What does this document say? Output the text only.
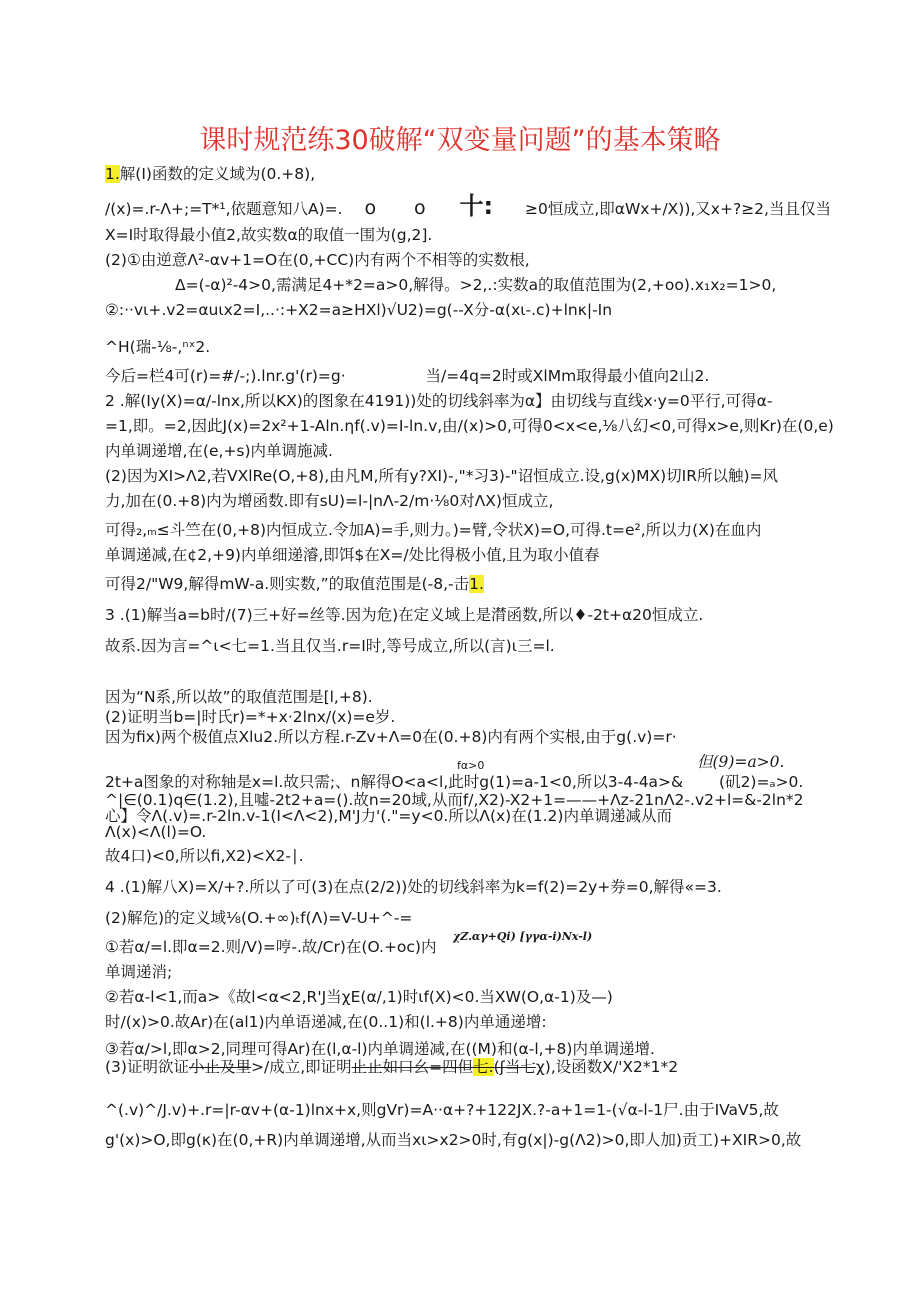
课时规范练30破解“双变量问题”的基本策略
1.解(I)函数的定义域为(0.+8),
/(x)=.r-Λ+;=T*¹,依题意知八A)=. o o 十: ≥0恒成立,即αWx+/X)),又x+?≥2,当且仅当
X=I时取得最小值2,故实数α的取值一围为(g,2].
(2)①由逆意Λ²-αv+1=O在(0,+CC)内有两个不相等的实数根,
Δ=(-α)²-4>0,需满足4+*2=a>0,解得。>2,.:实数a的取值范围为(2,+oo).x₁x₂=1>0,
②:··vι+.v2=αuιx2=I,..·:+X2=a≥HXl)√U2)=g(--X分-α(xι-.c)+lnκ|-In
^H(瑞-⅛-,ⁿˣ2.
今后=栏4可(r)=#/-;).lnr.g'(r)=g·	当/=4q=2时或XlMm取得最小值向2山2.
2 .解(Iy(X)=α/-lnx,所以KX)的图象在4191))处的切线斜率为α】由切线与直线x·y=0平行,可得α-
=1,即。=2,因此J(x)=2x²+1-Aln.ηf(.v)=I-ln.v,由/(x)>0,可得0<x<e,⅛八幻<0,可得x>e,则Kr)在(0,e)
内单调递增,在(e,+s)内单调施减.
(2)因为XI>Λ2,若VXlRe(O,+8),由凡M,所有y?XI)-,"*习3)-"诏恒成立.设,g(x)MX)切IR所以触)=风
力,加在(0.+8)内为增函数.即有sU)=l-|nΛ-2/m·⅛0对ΛX)恒成立,
可得₂,ₘ≤斗竺在(0,+8)内恒成立.令加A)=手,则力。)=臂,令状X)=O,可得.t=e²,所以力(X)在血内
单调递减,在¢2,+9)内单细递濬,即饵$在X=/处比得极小值,且为取小值春
可得2/"W9,解得mW-a.则实数,”的取值范围是(-8,-击1.
3 .(1)解当a=b时/(7)三+好=丝等.因为危)在定义域上是潸函数,所以♦-2t+α20恒成立.
故系.因为言=^ι<七=1.当且仅当.r=I时,等号成立,所以(言)ι三=l.
因为“N系,所以故”的取值范围是[l,+8).
(2)证明当b=|时氏r)=*+x·2lnx/(x)=e岁.
因为fix)两个极值点Xlu2.所以方程.r-Zv+Λ=0在(0.+8)内有两个实根,由于g(.v)=r·
fα>0	但(9)=a>0.
2t+a图象的对称轴是x=l.故只需;、n解得O<a<l,此时g(1)=a-1<0,所以3-4-4a>& (矶2)=ₐ>0.
^|∈(0.1)q∈(1.2),且噓-2t2+a=().故n=20域,从而f/,X2)-X2+1=——+Λz-21nΛ2-.v2+l=&-2ln*2
心】令Λ(.v)=.r-2ln.v-1(I<Λ<2),M'J力'(."=y<0.所以Λ(x)在(1.2)内单调递减从而
Λ(x)<Λ(l)=O.
故4口)<0,所以fi,X2)<X2-∣.
4 .(1)解八X)=X/+?.所以了可(3)在点(2/2))处的切线斜率为k=f(2)=2y+券=0,解得«=3.
(2)解危)的定义域⅛(O.+∞)ₜf(Λ)=V-U+^-=
①若α/=l.即α=2.则/V)=哼-.故/Cr)在(O.+oc)内
χZ.αγ+Qi) [γγα-i)Nx-l)
单调递消;
②若α-l<1,而a>《故l<α<2,R'J当χE(α/,1)时ιf(X)<0.当XW(O,α-1)及—)
时/(x)>0.故Ar)在(al1)内单语递减,在(0..1)和(l.+8)内单通递增:
③若α/>l,即α>2,同理可得Ar)在(l,α-l)内单调递减,在((M)和(α-l,+8)内单调递增.
(3)证明欲证小止及里>/成立,即证明止止如口幺=四但七.(ʃ当七χ),设函数Χ/'X2*1*2
^(.v)^/J.v)+.r=|r-αv+(α-1)lnx+x,则gVr)=A··α+?+122JX.?-a+1=1-(√α-l-1尸.由于IVaV5,故
g'(x)>O,即g(κ)在(0,+R)内单调递增,从而当xι>x2>0时,有g(x|)-g(Λ2)>0,即人加)贡工)+XIR>0,故
